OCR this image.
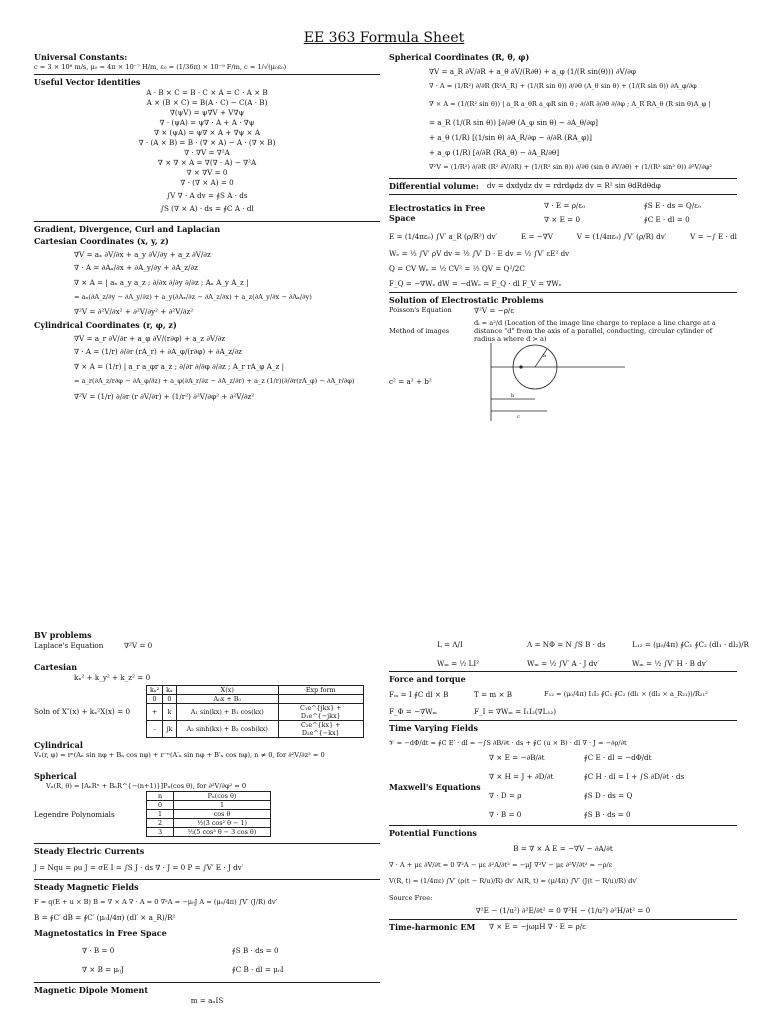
EE 363 Formula Sheet
Universal Constants:
c = 3 × 10⁸ m/s, μ₀ = 4π × 10⁻⁷ H/m, ε₀ = (1/36π) × 10⁻⁹ F/m, c = 1/√(μ₀ε₀)
Useful Vector Identities
A · B × C = B · C × A = C · A × B
A × (B × C) = B(A · C) − C(A · B)
∇(ψV) = ψ∇V + V∇ψ
∇ · (ψA) = ψ∇ · A + A · ∇ψ
∇ × (ψA) = ψ∇ × A + ∇ψ × A
∇ · (A × B) = B · (∇ × A) − A · (∇ × B)
∇ · ∇V = ∇²A
∇ × ∇ × A = ∇(∇ · A) − ∇²A
∇ × ∇V = 0
∇ · (∇ × A) = 0
∫V ∇ · A dv = ∮S A · ds
∫S (∇ × A) · ds = ∮C A · dl
Gradient, Divergence, Curl and Laplacian
Cartesian Coordinates (x, y, z)
∇V = aₓ ∂V/∂x + a_y ∂V/∂y + a_z ∂V/∂z
∇ · A = ∂Aₓ/∂x + ∂A_y/∂y + ∂A_z/∂z
∇ × A = | aₓ a_y a_z ; ∂/∂x ∂/∂y ∂/∂z ; Aₓ A_y A_z |
= aₓ(∂A_z/∂y − ∂A_y/∂z) + a_y(∂Aₓ/∂z − ∂A_z/∂x) + a_z(∂A_y/∂x − ∂Aₓ/∂y)
∇²V = ∂²V/∂x² + ∂²V/∂y² + ∂²V/∂z²
Cylindrical Coordinates (r, φ, z)
∇V = a_r ∂V/∂r + a_φ ∂V/(r∂φ) + a_z ∂V/∂z
∇ · A = (1/r) ∂/∂r (rA_r) + ∂A_φ/(r∂φ) + ∂A_z/∂z
∇ × A = (1/r) | a_r a_φr a_z ; ∂/∂r ∂/∂φ ∂/∂z ; A_r rA_φ A_z |
= a_r(∂A_z/r∂φ − ∂A_φ/∂z) + a_φ(∂A_r/∂z − ∂A_z/∂r) + a_z (1/r)(∂/∂r(rA_φ) − ∂A_r/∂φ)
∇²V = (1/r) ∂/∂r (r ∂V/∂r) + (1/r²) ∂²V/∂φ² + ∂²V/∂z²
Spherical Coordinates (R, θ, φ)
∇V = a_R ∂V/∂R + a_θ ∂V/(R∂θ) + a_φ (1/(R sin(θ))) ∂V/∂φ
∇ · A = (1/R²) ∂/∂R (R²A_R) + (1/(R sin θ)) ∂/∂θ (A_θ sin θ) + (1/(R sin θ)) ∂A_φ/∂φ
∇ × A = (1/(R² sin θ)) | a_R a_θR a_φR sin θ ; ∂/∂R ∂/∂θ ∂/∂φ ; A_R RA_θ (R sin θ)A_φ |
= a_R (1/(R sin θ)) [∂/∂θ (A_φ sin θ) − ∂A_θ/∂φ]
+ a_θ (1/R) [(1/sin θ) ∂A_R/∂φ − ∂/∂R (RA_φ)]
+ a_φ (1/R) [∂/∂R (RA_θ) − ∂A_R/∂θ]
∇²V = (1/R²) ∂/∂R (R² ∂V/∂R) + (1/(R² sin θ)) ∂/∂θ (sin θ ∂V/∂θ) + (1/(R² sin² θ)) ∂²V/∂φ²
Differential volume: dv = dxdydz dv = rdrdφdz dv = R² sin θdRdθdφ
Electrostatics in Free Space
∇ · E = ρ/ε₀	∮S E · ds = Q/ε₀
∇ × E = 0	∮C E · dl = 0
E = (1/4πε₀) ∫V′ a_R (ρ/R²) dv′	E = −∇V	V = (1/4πε₀) ∫V′ (ρ/R) dv′	V = −∫ E · dl
Wₑ = ½ ∫V′ ρV dv = ½ ∫V′ D · E dv = ½ ∫V′ εE² dv
Q = CV Wₑ = ½ CV² = ½ QV = Q²/2C
F_Q = −∇Wₑ dW = −dWₑ = F_Q · dl F_V = ∇Wₑ
Solution of Electrostatic Problems
Poisson's Equation	∇²V = −ρ/ε
Method of images
dᵢ = a²/d (Location of the image line charge to replace a line charge at a distance "d" from the axis of a parallel, conducting, circular cylinder of radius a where d > a)
c² = a² + b²
a
b
c
BV problems
Laplace's Equation	∇²V = 0
Cartesian
kₓ² + k_y² + k_z² = 0
Soln of X″(x) + kₓ²X(x) = 0
kₓ²	kₓ	X(x)	Exp form
0	0	A₀x + B₀	
+	k	A₁ sin(kx) + B₁ cos(kx)	C₁e^{jkx} + D₁e^{−jkx}
-	jk	A₂ sinh(kx) + B₂ cosh(kx)	C₂e^{kx} + D₂e^{−kx}
Cylindrical
Vₙ(r, φ) = rⁿ(Aₙ sin nφ + Bₙ cos nφ) + r⁻ⁿ(A′ₙ sin nφ + B′ₙ cos nφ), n ≠ 0, for ∂²V/∂z² = 0
Spherical
Vₙ(R, θ) = [AₙRⁿ + BₙR^{−(n+1)}]Pₙ(cos θ), for ∂²V/∂φ² = 0
Legendre Polynomials
n	Pₙ(cos θ)
0	1
1	cos θ
2	½(3 cos² θ − 1)
3	½(5 cos³ θ − 3 cos θ)
Steady Electric Currents
J = Nqu = ρu J = σE I = ∫S J · ds ∇ · J = 0 P = ∫V′ E · J dv′
Steady Magnetic Fields
F = q(E + u × B) B = ∇ × A ∇ · A = 0 ∇²A = −μ₀J A = (μ₀/4π) ∫V′ (J/R) dv′
B = ∮C′ dB = ∮C′ (μ₀I/4π) (dl′ × a_R)/R²
Magnetostatics in Free Space
∇ · B = 0	∮S B · ds = 0
∇ × B = μ₀J	∮C B · dl = μ₀I
Magnetic Dipole Moment
m = aₙIS
L = Λ/I	Λ = NΦ = N ∫S B · ds	L₁₂ = (μ₀/4π) ∮C₁ ∮C₂ (dl₁ · dl₂)/R
Wₘ = ½ LI²	Wₘ = ½ ∫V′ A · J dv′	Wₘ = ½ ∫V′ H · B dv′
Force and torque
Fₘ = I ∮C dl × B	T = m × B	F₁₂ = (μ₀/4π) I₁I₂ ∮C₁ ∮C₂ (dl₁ × (dl₂ × a_R₂₁))/R₂₁²
F_Φ = −∇Wₘ	F_I = ∇Wₘ = I₁I₂(∇L₁₂)
Time Varying Fields
𝒱 = −dΦ/dt = ∮C E′ · dl = −∫S ∂B/∂t · ds + ∮C (u × B) · dl ∇ · J = −∂ρ/∂t
Maxwell's Equations
∇ × E = −∂B/∂t	∮C E · dl = −dΦ/dt
∇ × H = J + ∂D/∂t	∮C H · dl = I + ∫S ∂D/∂t · ds
∇ · D = ρ	∮S D · ds = Q
∇ · B = 0	∮S B · ds = 0
Potential Functions
B = ∇ × A E = −∇V − ∂A/∂t
∇ · A + με ∂V/∂t = 0 ∇²A − με ∂²A/∂t² = −μJ ∇²V − με ∂²V/∂t² = −ρ/ε
V(R, t) = (1/4πε) ∫V′ (ρ(t − R/u)/R) dv′ A(R, t) = (μ/4π) ∫V′ (J(t − R/u)/R) dv′
Source Free:
∇²E − (1/u²) ∂²E/∂t² = 0 ∇²H − (1/u²) ∂²H/∂t² = 0
Time-harmonic EM	∇ × E = −jωμH ∇ · E = ρ/ε
